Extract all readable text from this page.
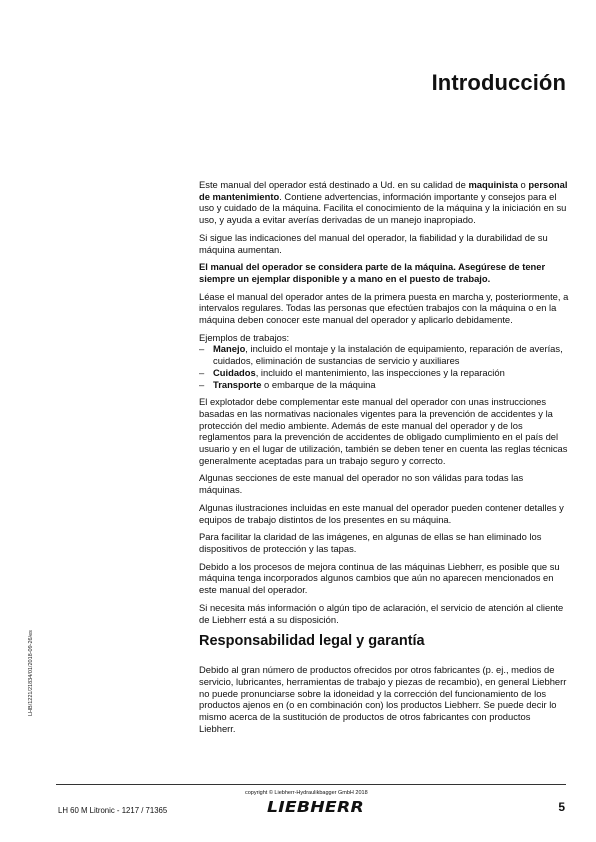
Introducción

Este manual del operador está destinado a Ud. en su calidad de maquinista o personal de mantenimiento. Contiene advertencias, información importante y consejos para el uso y cuidado de la máquina. Facilita el conocimiento de la máquina y la iniciación en su uso, y ayuda a evitar averías derivadas de un manejo inapropiado.

Si sigue las indicaciones del manual del operador, la fiabilidad y la durabilidad de su máquina aumentan.

El manual del operador se considera parte de la máquina. Asegúrese de tener siempre un ejemplar disponible y a mano en el puesto de trabajo.

Léase el manual del operador antes de la primera puesta en marcha y, posteriormente, a intervalos regulares. Todas las personas que efectúen trabajos con la máquina o en la máquina deben conocer este manual del operador y aplicarlo debidamente.

Ejemplos de trabajos:

– Manejo, incluido el montaje y la instalación de equipamiento, reparación de averías, cuidados, eliminación de sustancias de servicio y auxiliares
– Cuidados, incluido el mantenimiento, las inspecciones y la reparación
– Transporte o embarque de la máquina

El explotador debe complementar este manual del operador con unas instrucciones basadas en las normativas nacionales vigentes para la prevención de accidentes y la protección del medio ambiente. Además de este manual del operador y de los reglamentos para la prevención de accidentes de obligado cumplimiento en el país del usuario y en el lugar de utilización, también se deben tener en cuenta las reglas técnicas generalmente aceptadas para un trabajo seguro y correcto.

Algunas secciones de este manual del operador no son válidas para todas las máquinas.

Algunas ilustraciones incluidas en este manual del operador pueden contener detalles y equipos de trabajo distintos de los presentes en su máquina.

Para facilitar la claridad de las imágenes, en algunas de ellas se han eliminado los dispositivos de protección y las tapas.

Debido a los procesos de mejora continua de las máquinas Liebherr, es posible que su máquina tenga incorporados algunos cambios que aún no aparecen mencionados en este manual del operador.

Si necesita más información o algún tipo de aclaración, el servicio de atención al cliente de Liebherr está a su disposición.

Responsabilidad legal y garantía

Debido al gran número de productos ofrecidos por otros fabricantes (p. ej., medios de servicio, lubricantes, herramientas de trabajo y piezas de recambio), en general Liebherr no puede pronunciarse sobre la idoneidad y la corrección del funcionamiento de los productos ajenos en (o en combinación con) los productos Liebherr. Se puede decir lo mismo acerca de la sustitución de productos de otros fabricantes con productos Liebherr.

LHB/1221/21834/01/2018-09-26/es
copyright © Liebherr-Hydraulikbagger GmbH 2018
LIEBHERR
LH 60 M Litronic - 1217 / 71365	5
